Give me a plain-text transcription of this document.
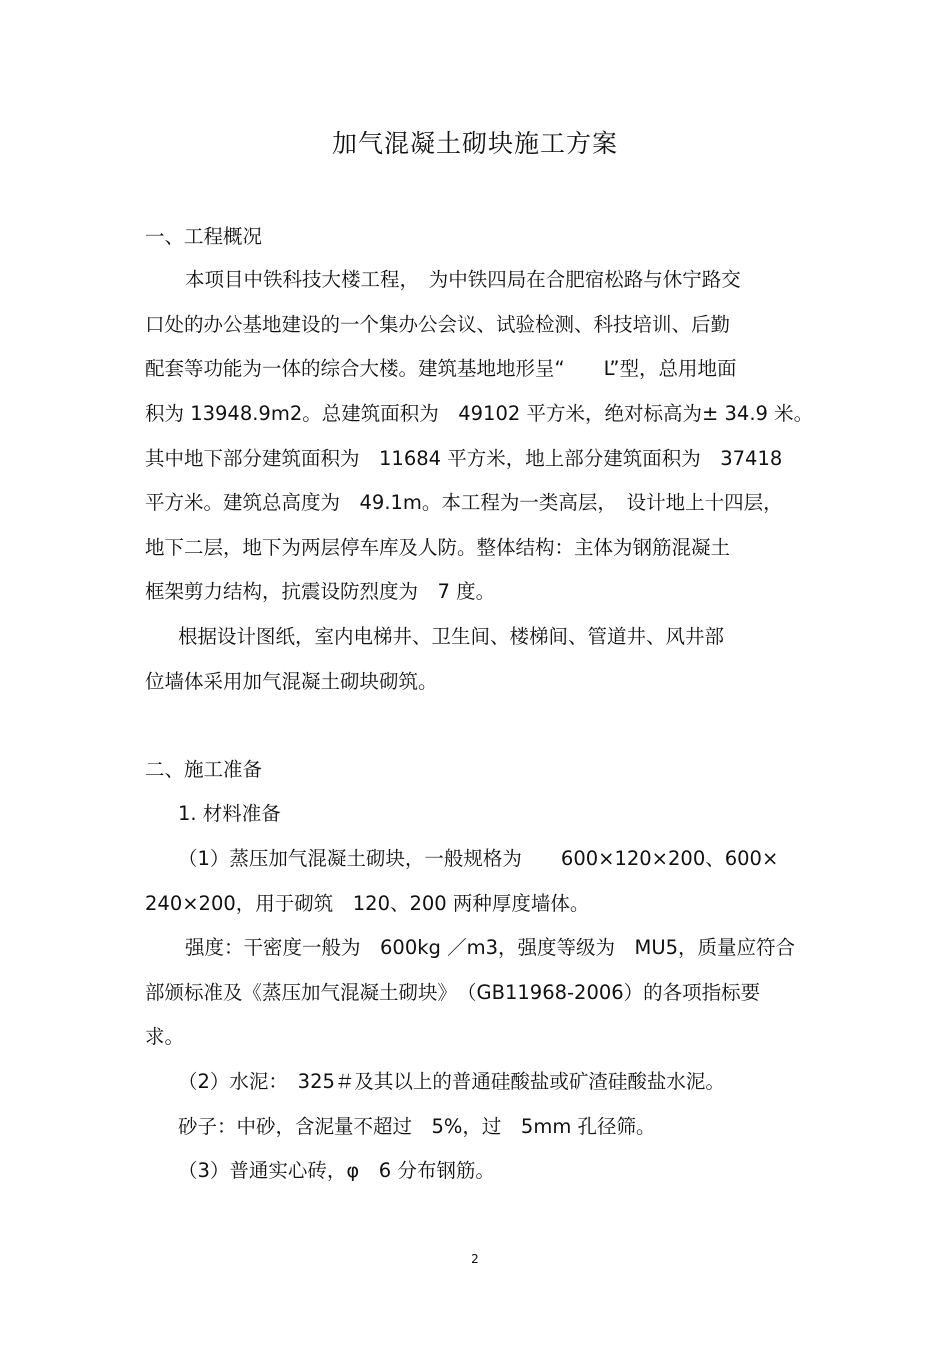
加气混凝土砌块施工方案
一、工程概况
本项目中铁科技大楼工程，　为中铁四局在合肥宿松路与休宁路交
口处的办公基地建设的一个集办公会议、试验检测、科技培训、后勤
配套等功能为一体的综合大楼。建筑基地地形呈“　　L”型，总用地面
积为 13948.9m2。总建筑面积为　49102 平方米，绝对标高为± 34.9 米。
其中地下部分建筑面积为　11684 平方米，地上部分建筑面积为　37418
平方米。建筑总高度为　49.1m。本工程为一类高层，　设计地上十四层，
地下二层，地下为两层停车库及人防。整体结构：主体为钢筋混凝土
框架剪力结构，抗震设防烈度为　7 度。
根据设计图纸，室内电梯井、卫生间、楼梯间、管道井、风井部
位墙体采用加气混凝土砌块砌筑。
二、施工准备
1. 材料准备
（1）蒸压加气混凝土砌块，一般规格为　　600×120×200、600×
240×200，用于砌筑　120、200 两种厚度墙体。
强度：干密度一般为　600kg ／m3，强度等级为　MU5，质量应符合
部颁标准及《蒸压加气混凝土砌块》　（GB11968-2006）的各项指标要
求。
（2）水泥：　325＃及其以上的普通硅酸盐或矿渣硅酸盐水泥。
砂子：中砂，含泥量不超过　5%，过　5mm 孔径筛。
（3）普通实心砖，φ　6 分布钢筋。
2
